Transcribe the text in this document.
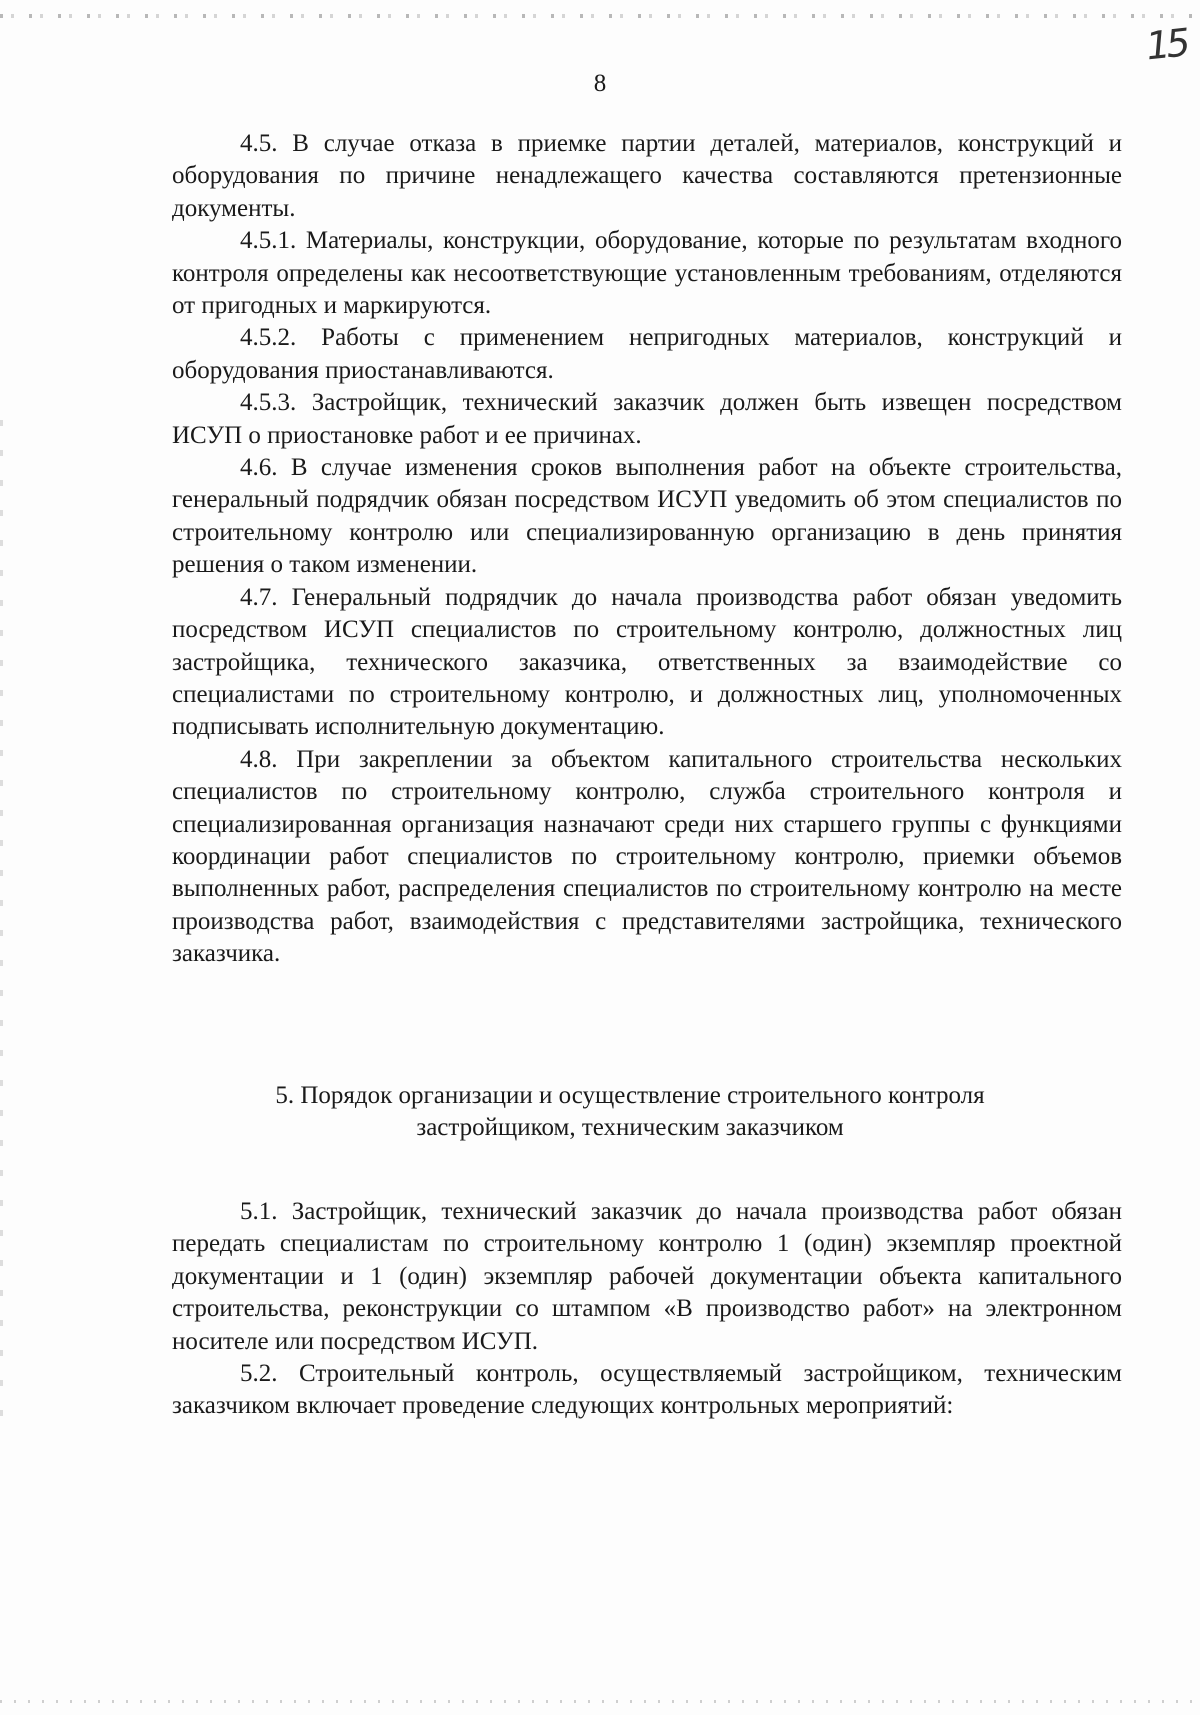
15
8

4.5. В случае отказа в приемке партии деталей, материалов, конструкций и оборудования по причине ненадлежащего качества составляются претензионные документы.

4.5.1. Материалы, конструкции, оборудование, которые по результатам входного контроля определены как несоответствующие установленным требованиям, отделяются от пригодных и маркируются.

4.5.2. Работы с применением непригодных материалов, конструкций и оборудования приостанавливаются.

4.5.3. Застройщик, технический заказчик должен быть извещен посредством ИСУП о приостановке работ и ее причинах.

4.6. В случае изменения сроков выполнения работ на объекте строительства, генеральный подрядчик обязан посредством ИСУП уведомить об этом специалистов по строительному контролю или специализированную организацию в день принятия решения о таком изменении.

4.7. Генеральный подрядчик до начала производства работ обязан уведомить посредством ИСУП специалистов по строительному контролю, должностных лиц застройщика, технического заказчика, ответственных за взаимодействие со специалистами по строительному контролю, и должностных лиц, уполномоченных подписывать исполнительную документацию.

4.8. При закреплении за объектом капитального строительства нескольких специалистов по строительному контролю, служба строительного контроля и специализированная организация назначают среди них старшего группы с функциями координации работ специалистов по строительному контролю, приемки объемов выполненных работ, распределения специалистов по строительному контролю на месте производства работ, взаимодействия с представителями застройщика, технического заказчика.

5. Порядок организации и осуществление строительного контроля
застройщиком, техническим заказчиком

5.1. Застройщик, технический заказчик до начала производства работ обязан передать специалистам по строительному контролю 1 (один) экземпляр проектной документации и 1 (один) экземпляр рабочей документации объекта капитального строительства, реконструкции со штампом «В производство работ» на электронном носителе или посредством ИСУП.

5.2. Строительный контроль, осуществляемый застройщиком, техническим заказчиком включает проведение следующих контрольных мероприятий:
